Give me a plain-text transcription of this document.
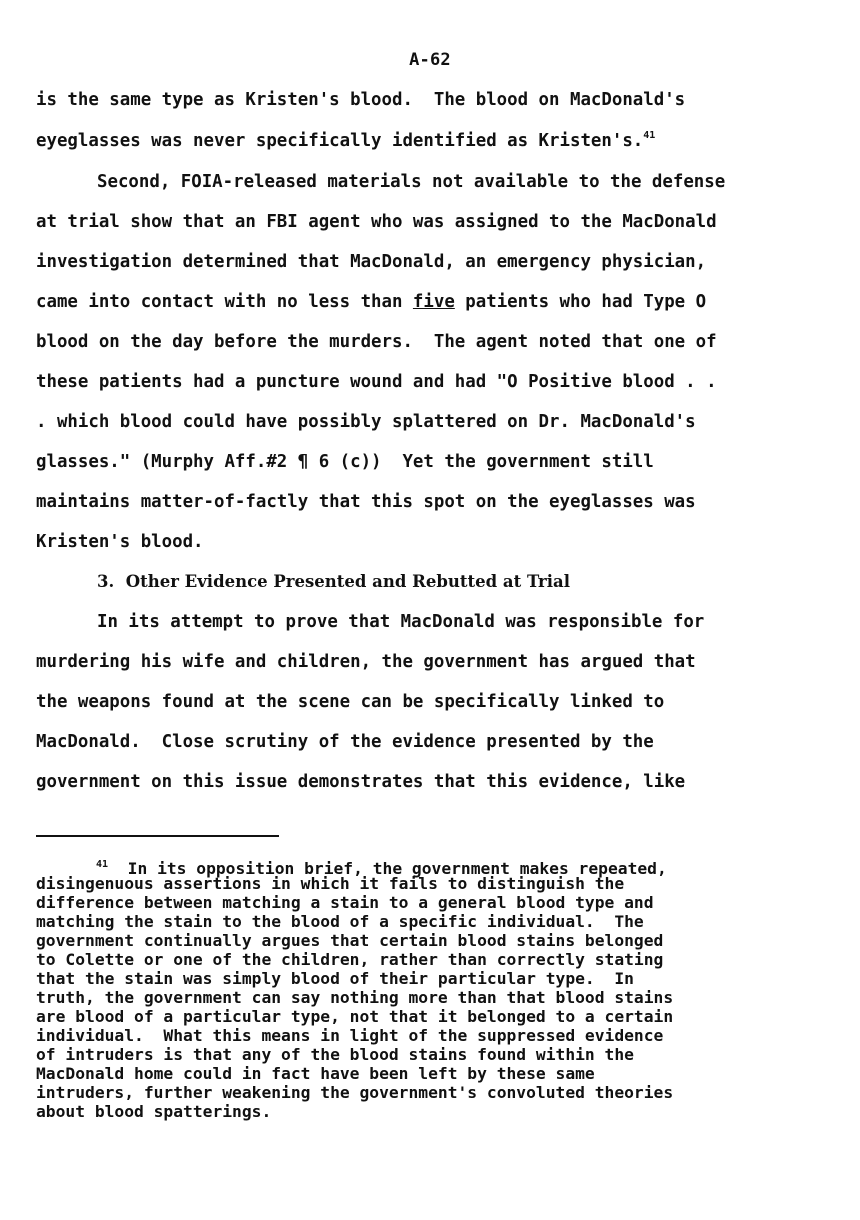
A-62
is the same type as Kristen's blood.  The blood on MacDonald's
eyeglasses was never specifically identified as Kristen's.$^{41}$
Second, FOIA-released materials not available to the defense
at trial show that an FBI agent who was assigned to the MacDonald
investigation determined that MacDonald, an emergency physician,
came into contact with no less than five patients who had Type O
blood on the day before the murders.  The agent noted that one of
these patients had a puncture wound and had "O Positive blood . .
. which blood could have possibly splattered on Dr. MacDonald's
glasses." (Murphy Aff.#2 ¶ 6 (c))  Yet the government still
maintains matter-of-factly that this spot on the eyeglasses was
Kristen's blood.
3.  Other Evidence Presented and Rebutted at Trial
In its attempt to prove that MacDonald was responsible for
murdering his wife and children, the government has argued that
the weapons found at the scene can be specifically linked to
MacDonald.  Close scrutiny of the evidence presented by the
government on this issue demonstrates that this evidence, like
$^{41}$ In its opposition brief, the government makes repeated,
disingenuous assertions in which it fails to distinguish the
difference between matching a stain to a general blood type and
matching the stain to the blood of a specific individual.  The
government continually argues that certain blood stains belonged
to Colette or one of the children, rather than correctly stating
that the stain was simply blood of their particular type.  In
truth, the government can say nothing more than that blood stains
are blood of a particular type, not that it belonged to a certain
individual.  What this means in light of the suppressed evidence
of intruders is that any of the blood stains found within the
MacDonald home could in fact have been left by these same
intruders, further weakening the government's convoluted theories
about blood spatterings.
